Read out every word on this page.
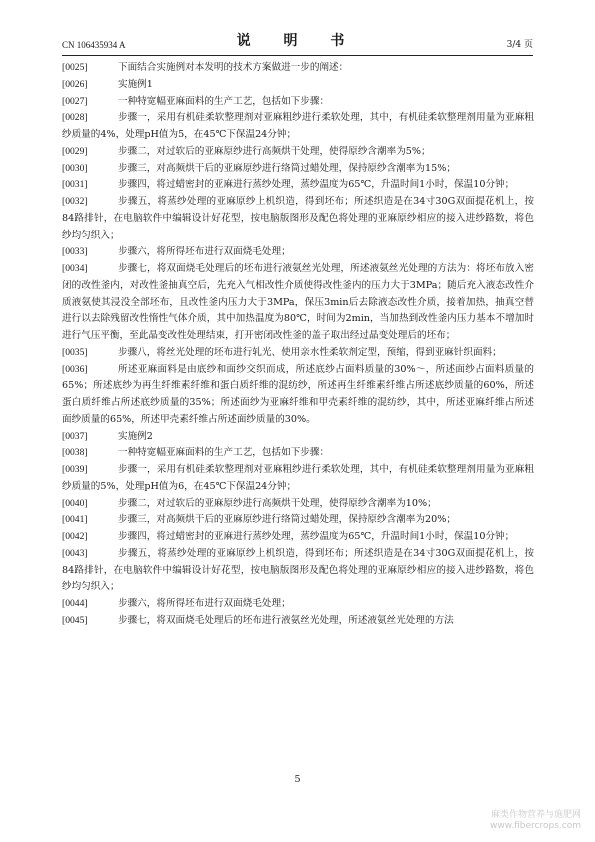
CN 106435934 A	说 明 书	3/4 页

[0025]	下面结合实施例对本发明的技术方案做进一步的阐述：

[0026]	实施例1

[0027]	一种特宽幅亚麻面料的生产工艺，包括如下步骤：

[0028]	步骤一，采用有机硅柔软整理剂对亚麻粗纱进行柔软处理，其中，有机硅柔软整理剂用量为亚麻粗纱质量的4%，处理pH值为5，在45℃下保温24分钟；

[0029]	步骤二，对过软后的亚麻原纱进行高频烘干处理，使得原纱含潮率为5%；

[0030]	步骤三，对高频烘干后的亚麻原纱进行络筒过蜡处理，保持原纱含潮率为15%；

[0031]	步骤四，将过蜡密封的亚麻进行蒸纱处理，蒸纱温度为65℃，升温时间1小时，保温10分钟；

[0032]	步骤五，将蒸纱处理的亚麻原纱上机织造，得到坯布；所述织造是在34寸30G双面提花机上，按84路排针，在电脑软件中编辑设计好花型，按电脑版图形及配色将处理的亚麻原纱相应的接入进纱路数，将色纱均匀织入；

[0033]	步骤六，将所得坯布进行双面烧毛处理；

[0034]	步骤七，将双面烧毛处理后的坯布进行液氨丝光处理，所述液氨丝光处理的方法为：将坯布放入密闭的改性釜内，对改性釜抽真空后，先充入气相改性介质使得改性釜内的压力大于3MPa；随后充入液态改性介质液氨使其浸没全部坯布，且改性釜内压力大于3MPa，保压3min后去除液态改性介质，接着加热，抽真空替进行以去除残留改性惰性气体介质，其中加热温度为80℃，时间为2min，当加热到改性釜内压力基本不增加时进行气压平衡，至此晶变改性处理结束，打开密闭改性釜的盖子取出经过晶变处理后的坯布；

[0035]	步骤八，将丝光处理的坯布进行轧光、使用亲水性柔软剂定型，预缩，得到亚麻针织面料；

[0036]	所述亚麻面料是由底纱和面纱交织而成，所述底纱占面料质量的30%～，所述面纱占面料质量的65%；所述底纱为再生纤维素纤维和蛋白质纤维的混纺纱，所述再生纤维素纤维占所述底纱质量的60%，所述蛋白质纤维占所述底纱质量的35%；所述面纱为亚麻纤维和甲壳素纤维的混纺纱，其中，所述亚麻纤维占所述面纱质量的65%，所述甲壳素纤维占所述面纱质量的30%。

[0037]	实施例2

[0038]	一种特宽幅亚麻面料的生产工艺，包括如下步骤：

[0039]	步骤一，采用有机硅柔软整理剂对亚麻粗纱进行柔软处理，其中，有机硅柔软整理剂用量为亚麻粗纱质量的5%，处理pH值为6，在45℃下保温24分钟；

[0040]	步骤二，对过软后的亚麻原纱进行高频烘干处理，使得原纱含潮率为10%；

[0041]	步骤三，对高频烘干后的亚麻原纱进行络筒过蜡处理，保持原纱含潮率为20%；

[0042]	步骤四，将过蜡密封的亚麻进行蒸纱处理，蒸纱温度为65℃，升温时间1小时，保温10分钟；

[0043]	步骤五，将蒸纱处理的亚麻原纱上机织造，得到坯布；所述织造是在34寸30G双面提花机上，按84路排针，在电脑软件中编辑设计好花型，按电脑版图形及配色将处理的亚麻原纱相应的接入进纱路数，将色纱均匀织入；

[0044]	步骤六，将所得坯布进行双面烧毛处理；

[0045]	步骤七，将双面烧毛处理后的坯布进行液氨丝光处理，所述液氨丝光处理的方法

5
麻类作物营养与施肥网
www.fibercrops.com
